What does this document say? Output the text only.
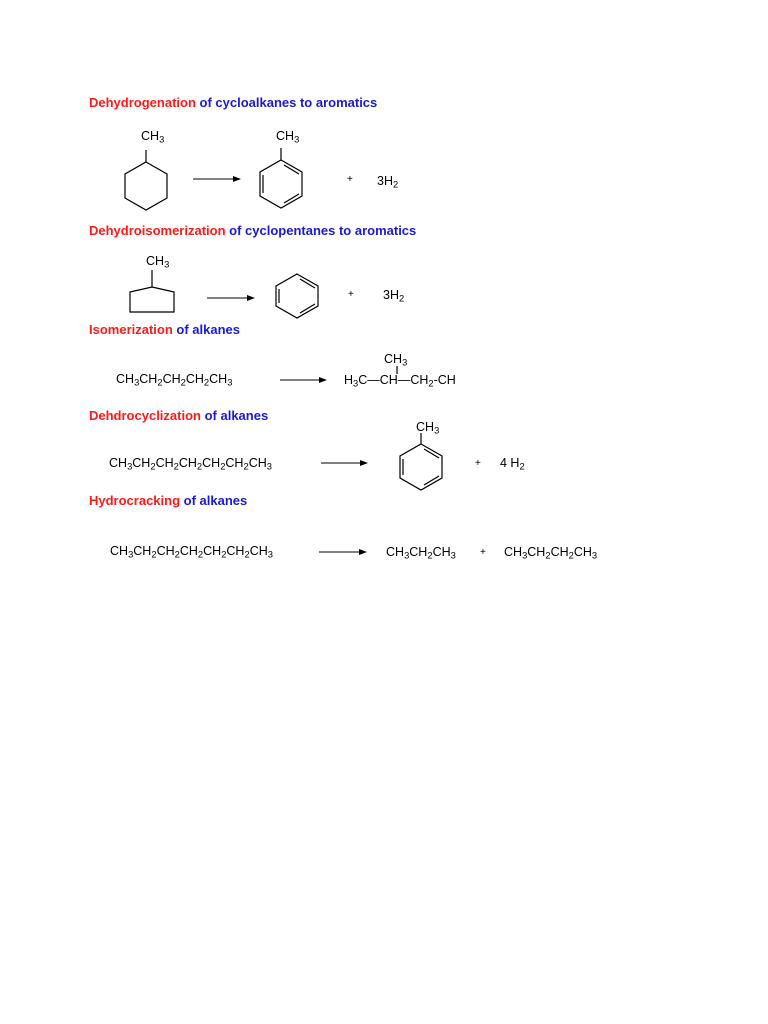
Dehydrogenation of cycloalkanes to aromatics
Dehydroisomerization of cyclopentanes to aromatics
Isomerization of alkanes
Dehdrocyclization of alkanes
Hydrocracking of alkanes
$CH_3$	$CH_3$
+ $3H_2$
$CH_3$
+ $3H_2$
$CH_3CH_2CH_2CH_2CH_3$
$CH_3$
$H_3C—CH—CH_2-CH$
$CH_3CH_2CH_2CH_2CH_2CH_2CH_3$
$CH_3$
+ 4 $H_2$
$CH_3CH_2CH_2CH_2CH_2CH_2CH_3$	$CH_3CH_2CH_3 + CH_3CH_2CH_2CH_3$
